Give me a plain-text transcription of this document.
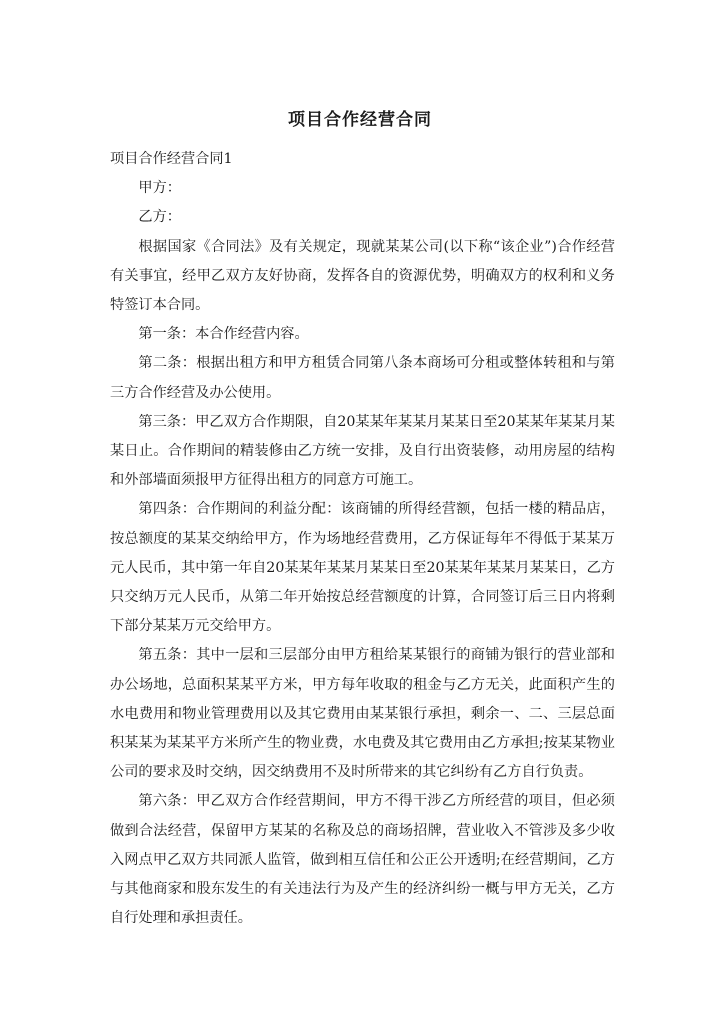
项目合作经营合同

项目合作经营合同1

甲方：

乙方：

根据国家《合同法》及有关规定，现就某某公司(以下称“该企业”)合作经营有关事宜，经甲乙双方友好协商，发挥各自的资源优势，明确双方的权利和义务特签订本合同。

第一条：本合作经营内容。

第二条：根据出租方和甲方租赁合同第八条本商场可分租或整体转租和与第三方合作经营及办公使用。

第三条：甲乙双方合作期限，自20某某年某某月某某日至20某某年某某月某某日止。合作期间的精装修由乙方统一安排，及自行出资装修，动用房屋的结构和外部墙面须报甲方征得出租方的同意方可施工。

第四条：合作期间的利益分配：该商铺的所得经营额，包括一楼的精品店，按总额度的某某交纳给甲方，作为场地经营费用，乙方保证每年不得低于某某万元人民币，其中第一年自20某某年某某月某某日至20某某年某某月某某日，乙方只交纳万元人民币，从第二年开始按总经营额度的计算，合同签订后三日内将剩下部分某某万元交给甲方。

第五条：其中一层和三层部分由甲方租给某某银行的商铺为银行的营业部和办公场地，总面积某某平方米，甲方每年收取的租金与乙方无关，此面积产生的水电费用和物业管理费用以及其它费用由某某银行承担，剩余一、二、三层总面积某某为某某平方米所产生的物业费，水电费及其它费用由乙方承担;按某某物业公司的要求及时交纳，因交纳费用不及时所带来的其它纠纷有乙方自行负责。

第六条：甲乙双方合作经营期间，甲方不得干涉乙方所经营的项目，但必须做到合法经营，保留甲方某某的名称及总的商场招牌，营业收入不管涉及多少收入网点甲乙双方共同派人监管，做到相互信任和公正公开透明;在经营期间，乙方与其他商家和股东发生的有关违法行为及产生的经济纠纷一概与甲方无关，乙方自行处理和承担责任。
